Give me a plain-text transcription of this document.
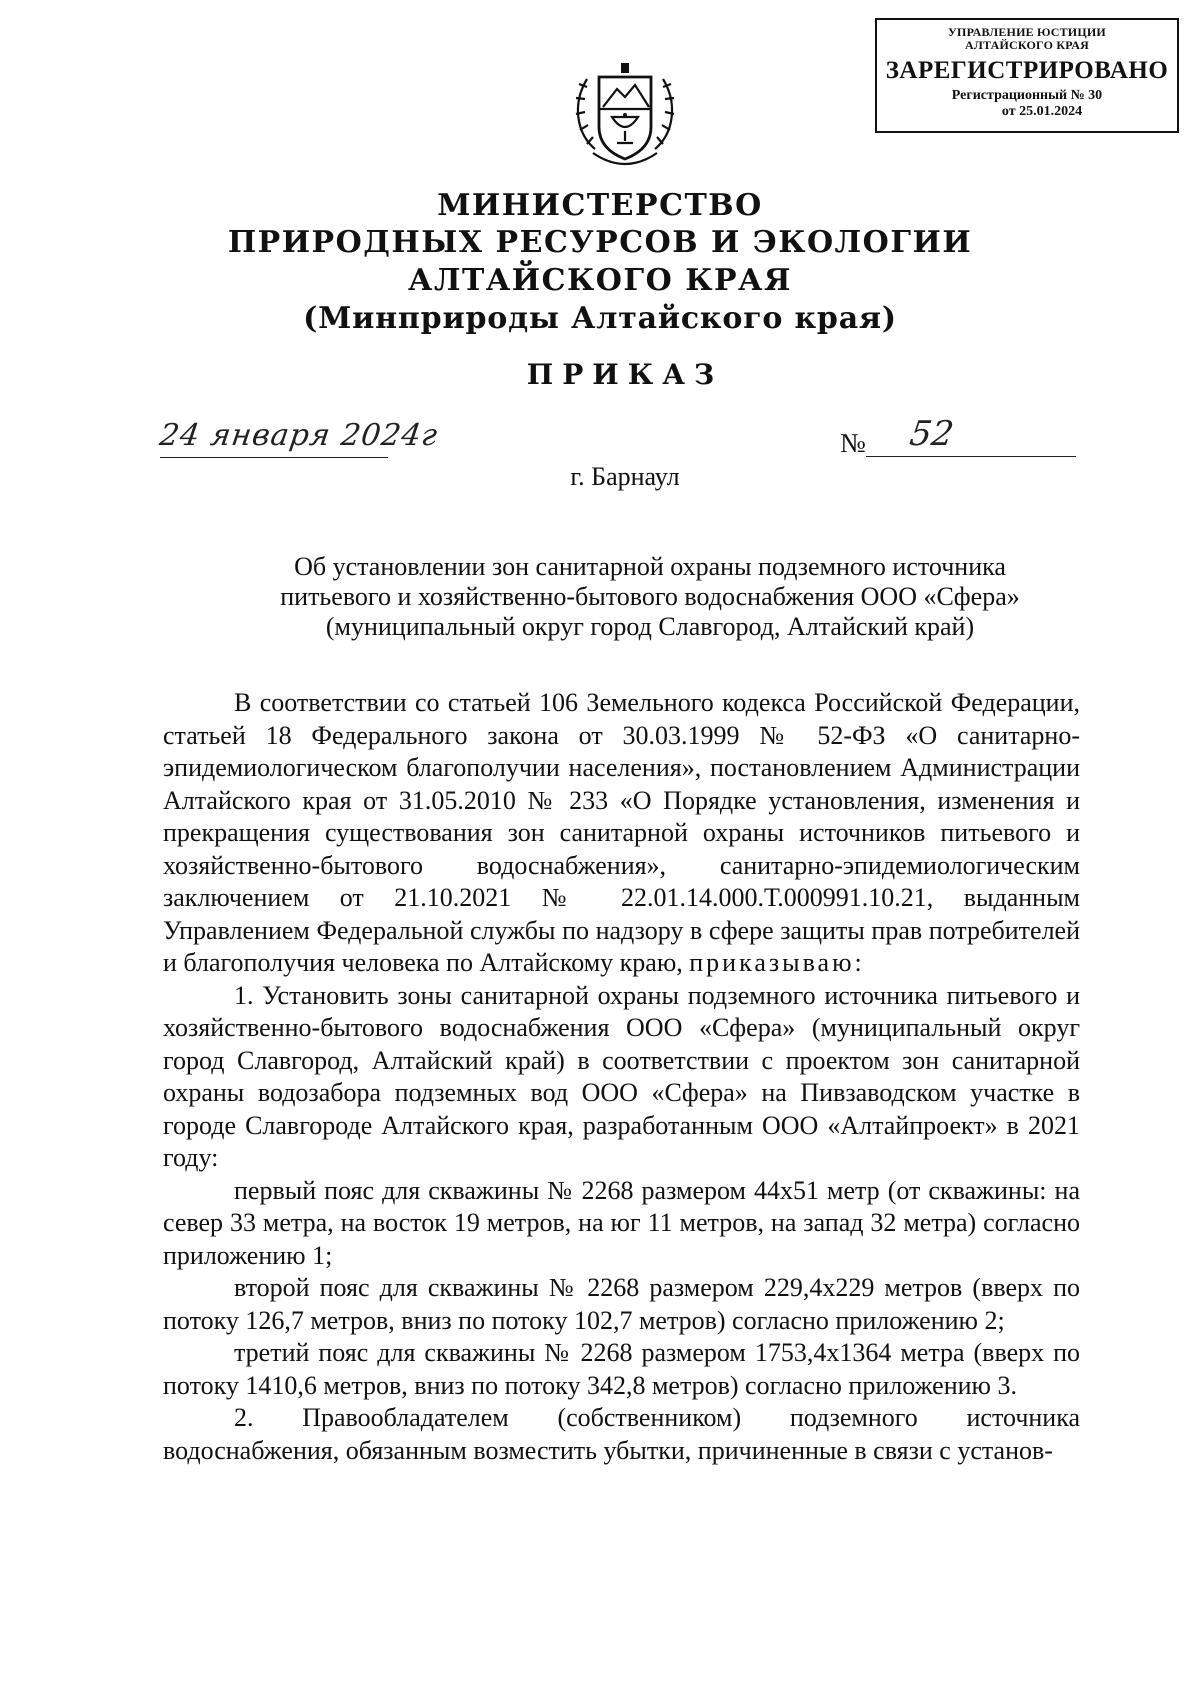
УПРАВЛЕНИЕ ЮСТИЦИИ
АЛТАЙСКОГО КРАЯ
ЗАРЕГИСТРИРОВАНО
Регистрационный № 30
от 25.01.2024
МИНИСТЕРСТВО
ПРИРОДНЫХ РЕСУРСОВ И ЭКОЛОГИИ
АЛТАЙСКОГО КРАЯ
(Минприроды Алтайского края)
ПРИКАЗ
24 января 2024г	№ 52
г. Барнаул
Об установлении зон санитарной охраны подземного источника
питьевого и хозяйственно-бытового водоснабжения ООО «Сфера»
(муниципальный округ город Славгород, Алтайский край)

В соответствии со статьей 106 Земельного кодекса Российской Федерации, статьей 18 Федерального закона от 30.03.1999 № 52-ФЗ «О санитарно-эпидемиологическом благополучии населения», постановлением Администрации Алтайского края от 31.05.2010 № 233 «О Порядке установления, изменения и прекращения существования зон санитарной охраны источников питьевого и хозяйственно-бытового водоснабжения», санитарно-эпидемиологическим заключением от 21.10.2021 № 22.01.14.000.Т.000991.10.21, выданным Управлением Федеральной службы по надзору в сфере защиты прав потребителей и благополучия человека по Алтайскому краю, приказываю:

1. Установить зоны санитарной охраны подземного источника питьевого и хозяйственно-бытового водоснабжения ООО «Сфера» (муниципальный округ город Славгород, Алтайский край) в соответствии с проектом зон санитарной охраны водозабора подземных вод ООО «Сфера» на Пивзаводском участке в городе Славгороде Алтайского края, разработанным ООО «Алтайпроект» в 2021 году:

первый пояс для скважины № 2268 размером 44х51 метр (от скважины: на север 33 метра, на восток 19 метров, на юг 11 метров, на запад 32 метра) согласно приложению 1;

второй пояс для скважины № 2268 размером 229,4х229 метров (вверх по потоку 126,7 метров, вниз по потоку 102,7 метров) согласно приложению 2;

третий пояс для скважины № 2268 размером 1753,4х1364 метра (вверх по потоку 1410,6 метров, вниз по потоку 342,8 метров) согласно приложению 3.

2. Правообладателем (собственником) подземного источника водоснабжения, обязанным возместить убытки, причиненные в связи с установ-
